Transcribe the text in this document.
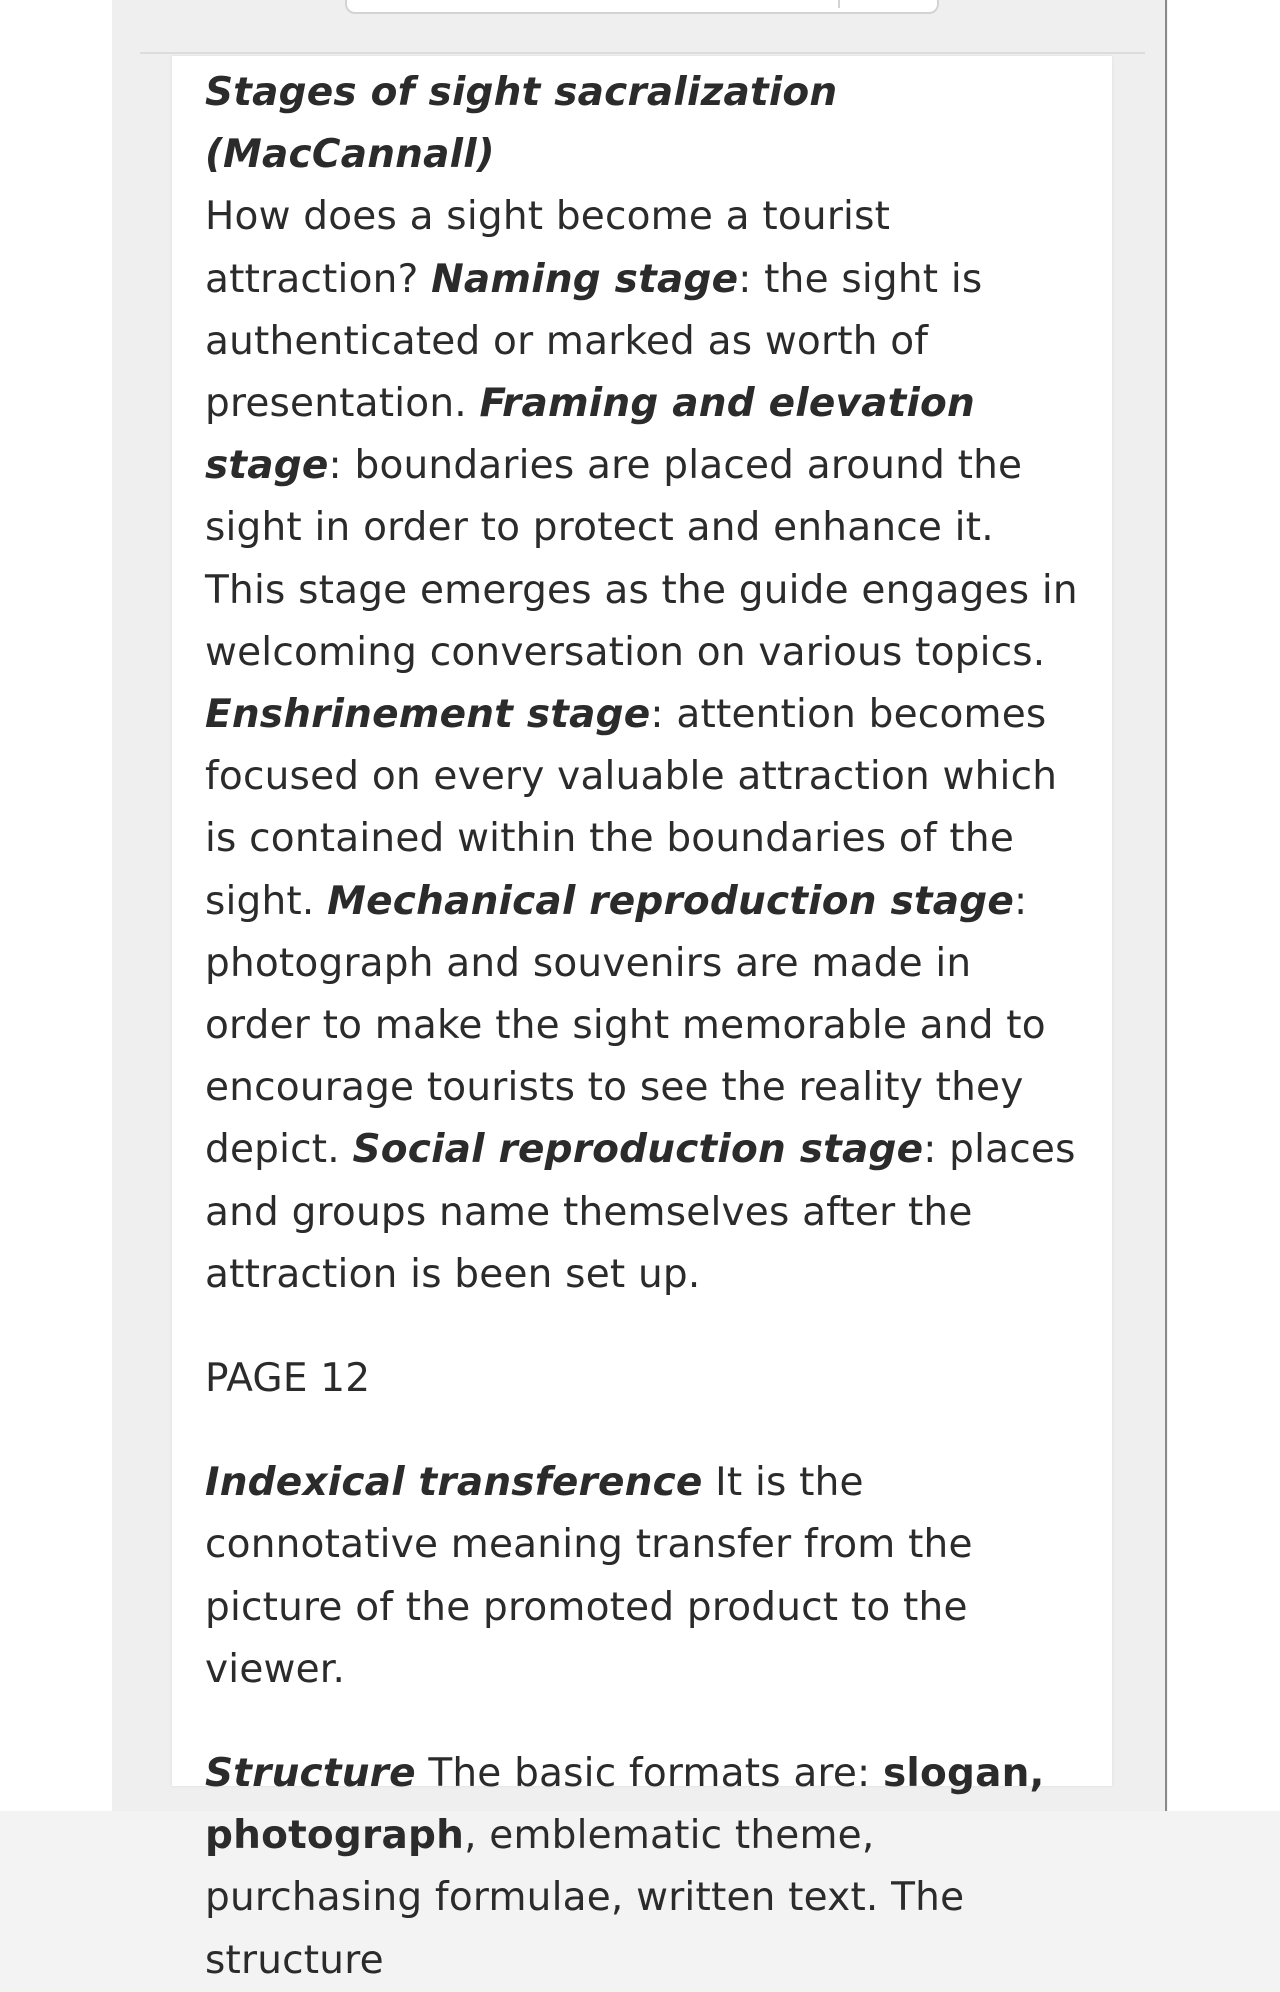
Stages of sight sacralization (MacCannall)
How does a sight become a tourist attraction? Naming stage: the sight is authenticated or marked as worth of presentation. Framing and elevation stage: boundaries are placed around the sight in order to protect and enhance it. This stage emerges as the guide engages in welcoming conversation on various topics. Enshrinement stage: attention becomes focused on every valuable attraction which is contained within the boundaries of the sight. Mechanical reproduction stage: photograph and souvenirs are made in order to make the sight memorable and to encourage tourists to see the reality they depict. Social reproduction stage: places and groups name themselves after the attraction is been set up.

PAGE 12

Indexical transference It is the connotative meaning transfer from the picture of the promoted product to the viewer.

Structure The basic formats are: slogan, photograph, emblematic theme, purchasing formulae, written text. The structure
